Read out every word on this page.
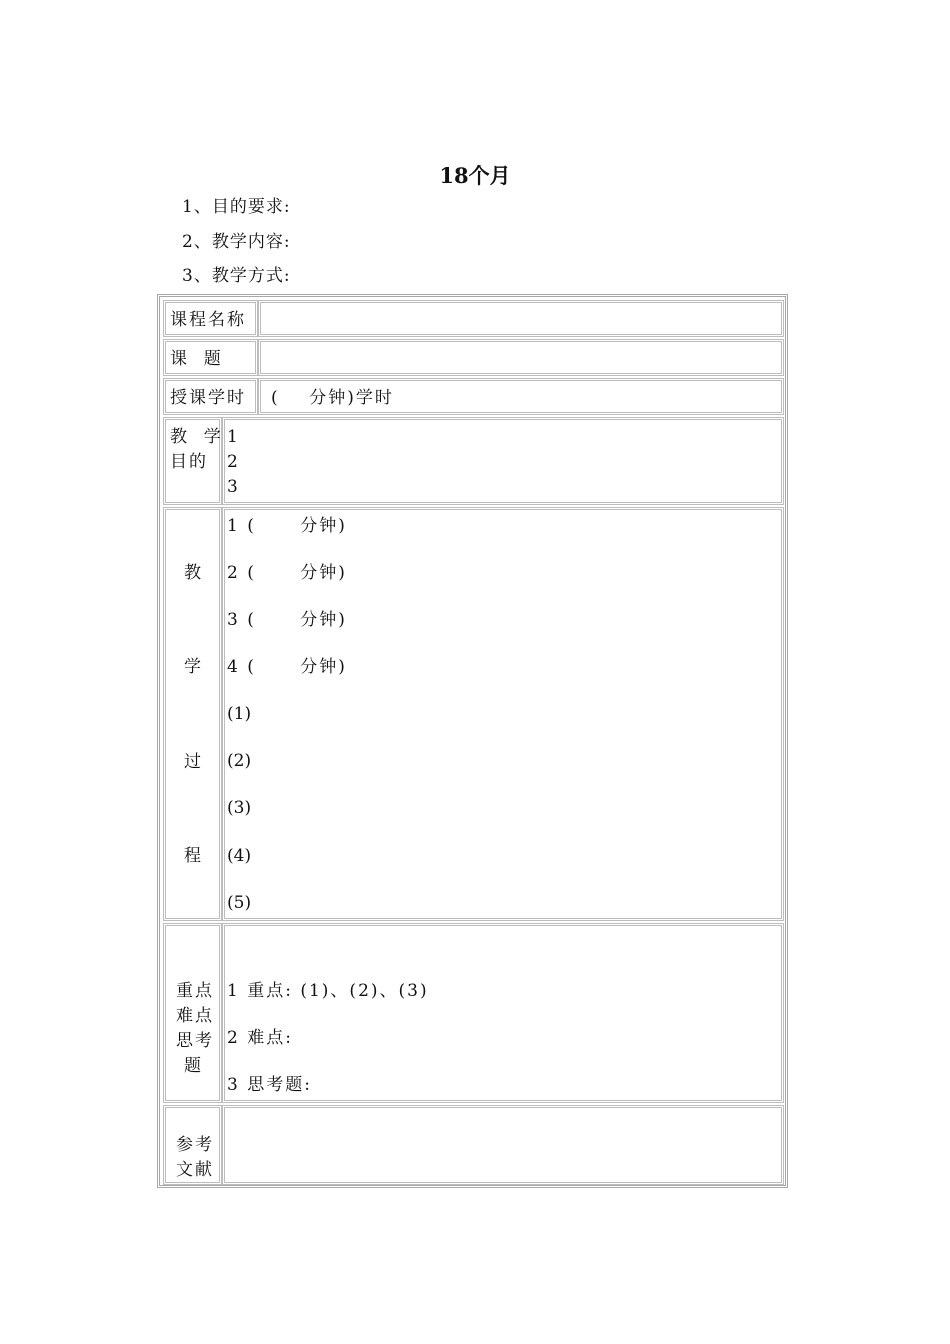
18个月
1、目的要求:
2、教学内容:
3、教学方式:
课程名称
课  题
授课学时 (    分钟)学时
教  学
目的
1
2
3
教
学
过
程
1 (      分钟)
2 (      分钟)
3 (      分钟)
4 (      分钟)
(1)
(2)
(3)
(4)
(5)
重点
难点
思考
题
1 重点: (1)、(2)、(3)
2 难点:
3 思考题:
参考
文献
